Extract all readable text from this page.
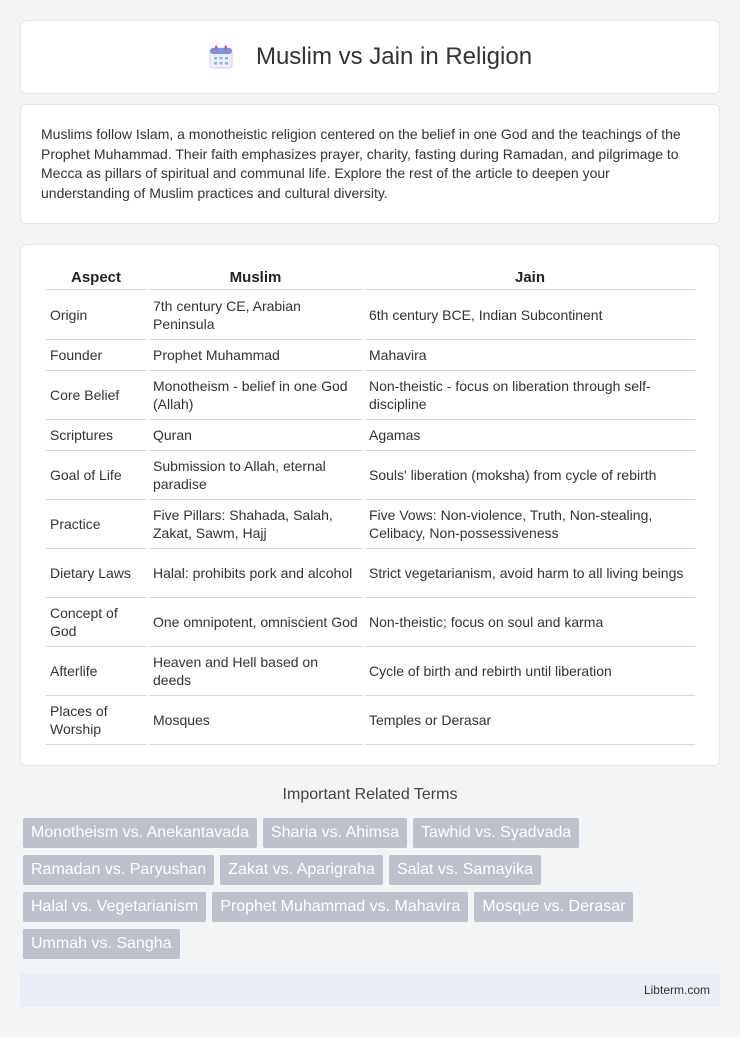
Muslim vs Jain in Religion

Muslims follow Islam, a monotheistic religion centered on the belief in one God and the teachings of the Prophet Muhammad. Their faith emphasizes prayer, charity, fasting during Ramadan, and pilgrimage to Mecca as pillars of spiritual and communal life. Explore the rest of the article to deepen your understanding of Muslim practices and cultural diversity.

Aspect	Muslim	Jain
Origin	7th century CE, Arabian Peninsula	6th century BCE, Indian Subcontinent
Founder	Prophet Muhammad	Mahavira
Core Belief	Monotheism - belief in one God (Allah)	Non-theistic - focus on liberation through self-discipline
Scriptures	Quran	Agamas
Goal of Life	Submission to Allah, eternal paradise	Souls' liberation (moksha) from cycle of rebirth
Practice	Five Pillars: Shahada, Salah, Zakat, Sawm, Hajj	Five Vows: Non-violence, Truth, Non-stealing, Celibacy, Non-possessiveness
Dietary Laws	Halal: prohibits pork and alcohol	Strict vegetarianism, avoid harm to all living beings
Concept of God	One omnipotent, omniscient God	Non-theistic; focus on soul and karma
Afterlife	Heaven and Hell based on deeds	Cycle of birth and rebirth until liberation
Places of Worship	Mosques	Temples or Derasar
Important Related Terms
Monotheism vs. Anekantavada Sharia vs. Ahimsa Tawhid vs. Syadvada
Ramadan vs. Paryushan Zakat vs. Aparigraha Salat vs. Samayika
Halal vs. Vegetarianism Prophet Muhammad vs. Mahavira Mosque vs. Derasar
Ummah vs. Sangha
Libterm.com
